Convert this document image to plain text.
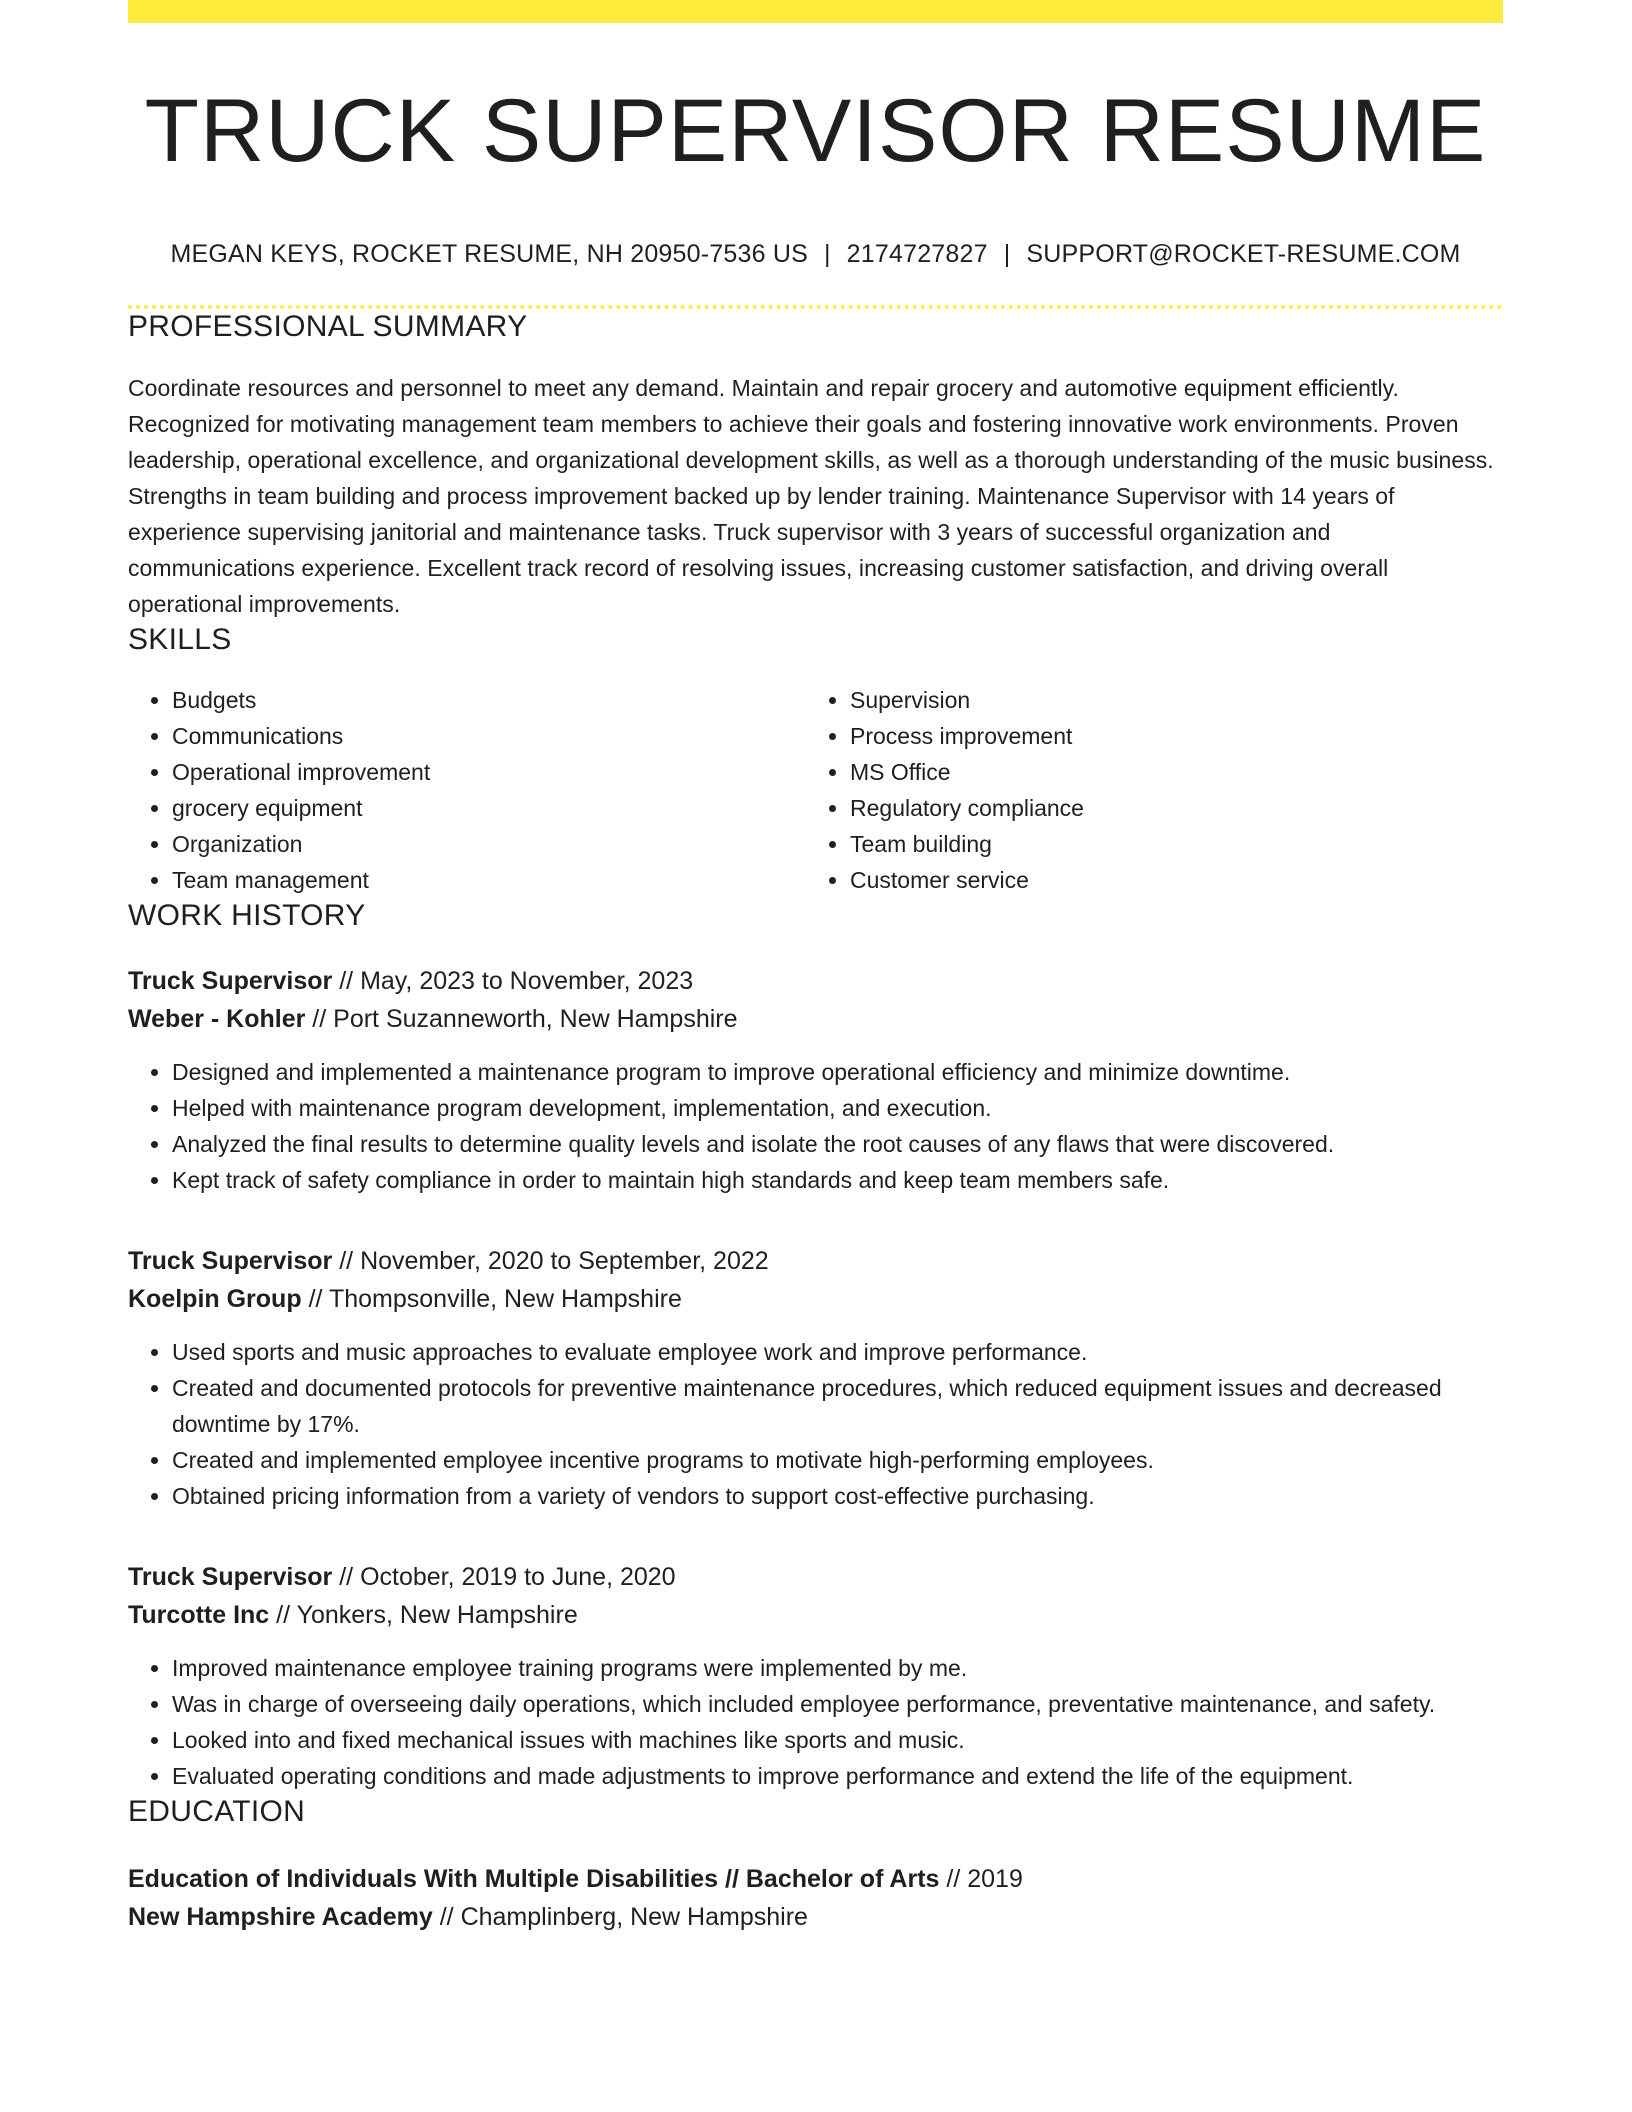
TRUCK SUPERVISOR RESUME
MEGAN KEYS, ROCKET RESUME, NH 20950-7536 US | 2174727827 | SUPPORT@ROCKET-RESUME.COM
PROFESSIONAL SUMMARY

Coordinate resources and personnel to meet any demand. Maintain and repair grocery and automotive equipment efficiently. Recognized for motivating management team members to achieve their goals and fostering innovative work environments. Proven leadership, operational excellence, and organizational development skills, as well as a thorough understanding of the music business. Strengths in team building and process improvement backed up by lender training. Maintenance Supervisor with 14 years of experience supervising janitorial and maintenance tasks. Truck supervisor with 3 years of successful organization and communications experience. Excellent track record of resolving issues, increasing customer satisfaction, and driving overall operational improvements.

SKILLS
• Budgets
• Communications
• Operational improvement
• grocery equipment
• Organization
• Team management
• Supervision
• Process improvement
• MS Office
• Regulatory compliance
• Team building
• Customer service
WORK HISTORY
Truck Supervisor // May, 2023 to November, 2023
Weber - Kohler // Port Suzanneworth, New Hampshire
• Designed and implemented a maintenance program to improve operational efficiency and minimize downtime.
• Helped with maintenance program development, implementation, and execution.
• Analyzed the final results to determine quality levels and isolate the root causes of any flaws that were discovered.
• Kept track of safety compliance in order to maintain high standards and keep team members safe.
Truck Supervisor // November, 2020 to September, 2022
Koelpin Group // Thompsonville, New Hampshire
• Used sports and music approaches to evaluate employee work and improve performance.
• Created and documented protocols for preventive maintenance procedures, which reduced equipment issues and decreased downtime by 17%.
• Created and implemented employee incentive programs to motivate high-performing employees.
• Obtained pricing information from a variety of vendors to support cost-effective purchasing.
Truck Supervisor // October, 2019 to June, 2020
Turcotte Inc // Yonkers, New Hampshire
• Improved maintenance employee training programs were implemented by me.
• Was in charge of overseeing daily operations, which included employee performance, preventative maintenance, and safety.
• Looked into and fixed mechanical issues with machines like sports and music.
• Evaluated operating conditions and made adjustments to improve performance and extend the life of the equipment.
EDUCATION
Education of Individuals With Multiple Disabilities // Bachelor of Arts // 2019
New Hampshire Academy // Champlinberg, New Hampshire
